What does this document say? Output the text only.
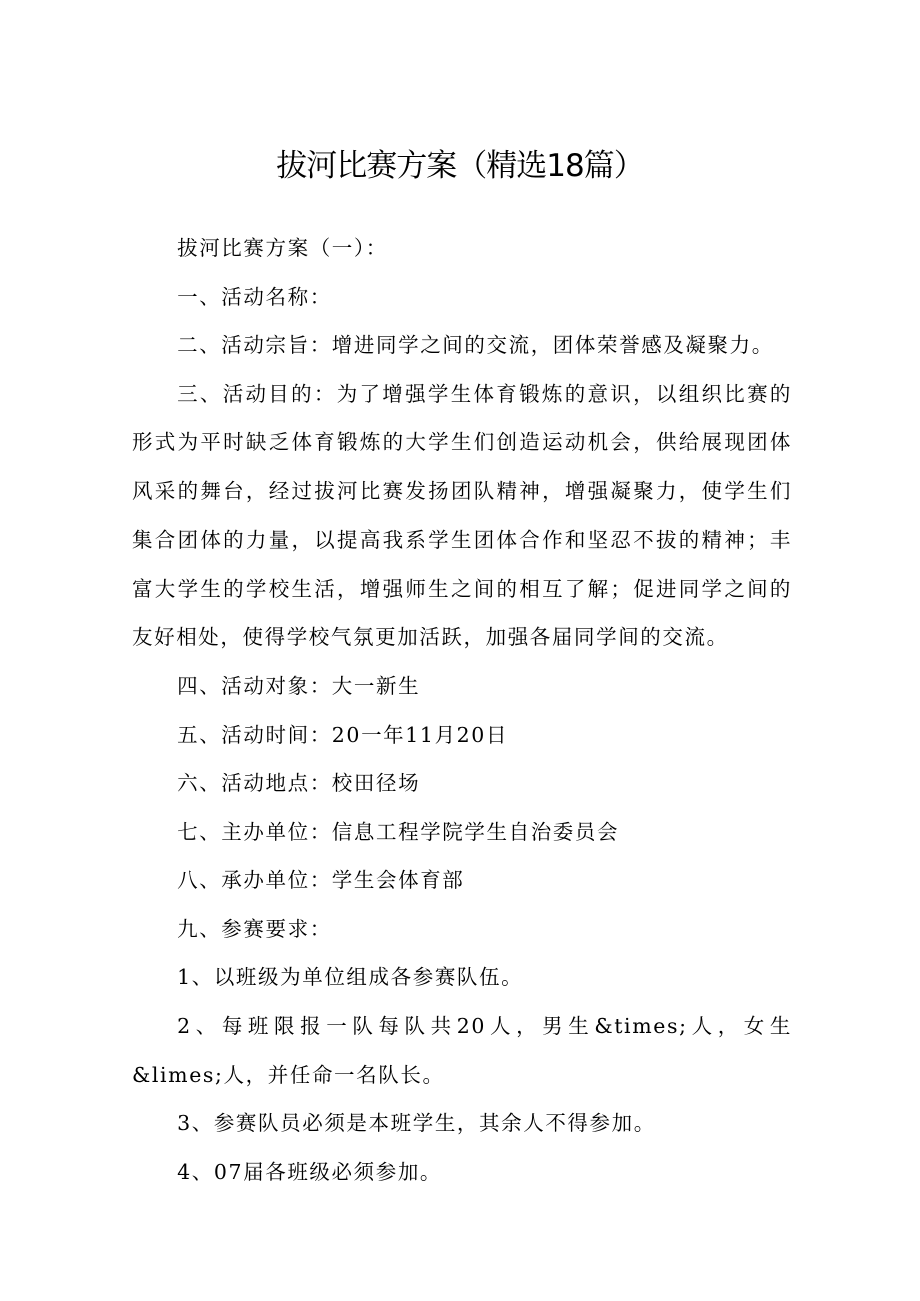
拔河比赛方案（精选18篇）

拔河比赛方案（一）：

一、活动名称：

二、活动宗旨：增进同学之间的交流，团体荣誉感及凝聚力。

三、活动目的：为了增强学生体育锻炼的意识，以组织比赛的形式为平时缺乏体育锻炼的大学生们创造运动机会，供给展现团体风采的舞台，经过拔河比赛发扬团队精神，增强凝聚力，使学生们集合团体的力量，以提高我系学生团体合作和坚忍不拔的精神；丰富大学生的学校生活，增强师生之间的相互了解；促进同学之间的友好相处，使得学校气氛更加活跃，加强各届同学间的交流。

四、活动对象：大一新生

五、活动时间：20一年11月20日

六、活动地点：校田径场

七、主办单位：信息工程学院学生自治委员会

八、承办单位：学生会体育部

九、参赛要求：

1、以班级为单位组成各参赛队伍。

2、每班限报一队每队共20人，男生&times;人，女生&limes;人，并任命一名队长。

3、参赛队员必须是本班学生，其余人不得参加。

4、07届各班级必须参加。
